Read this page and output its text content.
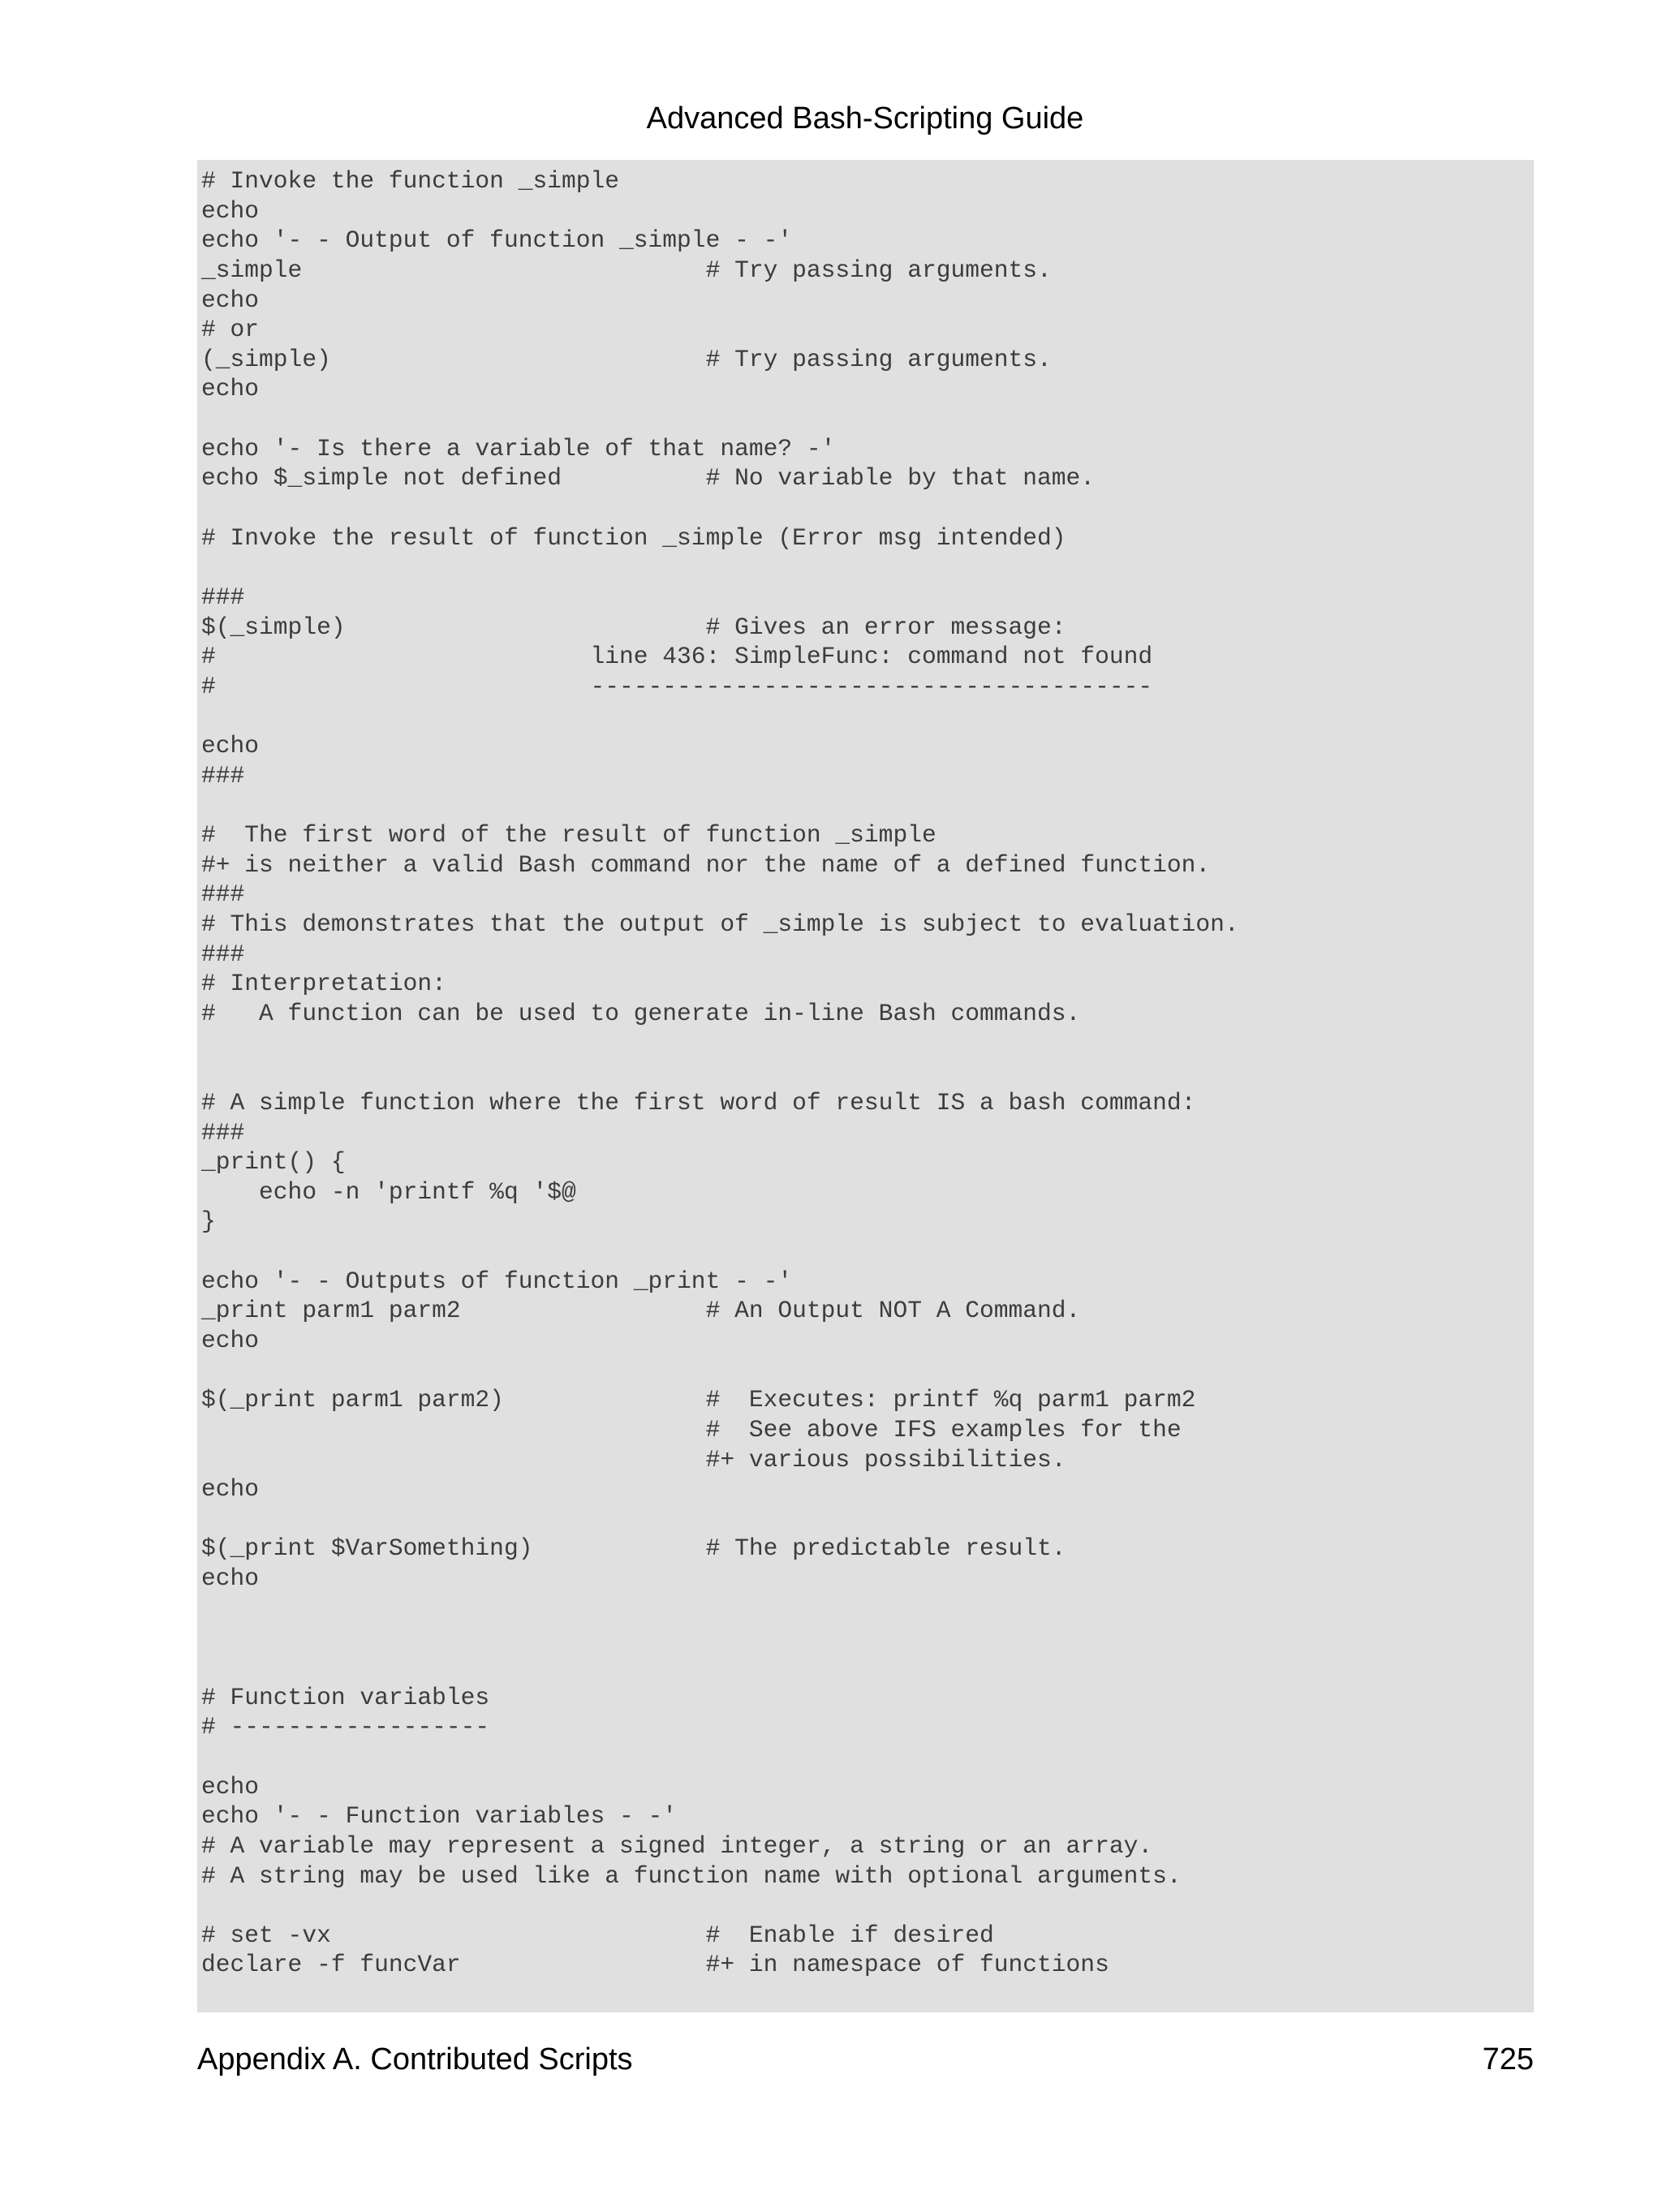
Advanced Bash-Scripting Guide
# Invoke the function _simple
echo
echo '- - Output of function _simple - -'
_simple                            # Try passing arguments.
echo
# or
(_simple)                          # Try passing arguments.
echo
echo '- Is there a variable of that name? -'
echo $_simple not defined          # No variable by that name.
# Invoke the result of function _simple (Error msg intended)
###
$(_simple)                         # Gives an error message:
#                          line 436: SimpleFunc: command not found
#                          ---------------------------------------
echo
###
#  The first word of the result of function _simple
#+ is neither a valid Bash command nor the name of a defined function.
###
# This demonstrates that the output of _simple is subject to evaluation.
###
# Interpretation:
#   A function can be used to generate in-line Bash commands.
# A simple function where the first word of result IS a bash command:
###
_print() {
echo -n 'printf %q '$@
}
echo '- - Outputs of function _print - -'
_print parm1 parm2                 # An Output NOT A Command.
echo
$(_print parm1 parm2)              #  Executes: printf %q parm1 parm2
#  See above IFS examples for the
#+ various possibilities.
echo
$(_print $VarSomething)            # The predictable result.
echo
# Function variables
# ------------------
echo
echo '- - Function variables - -'
# A variable may represent a signed integer, a string or an array.
# A string may be used like a function name with optional arguments.
# set -vx                          #  Enable if desired
declare -f funcVar                 #+ in namespace of functions
Appendix A. Contributed Scripts	725
